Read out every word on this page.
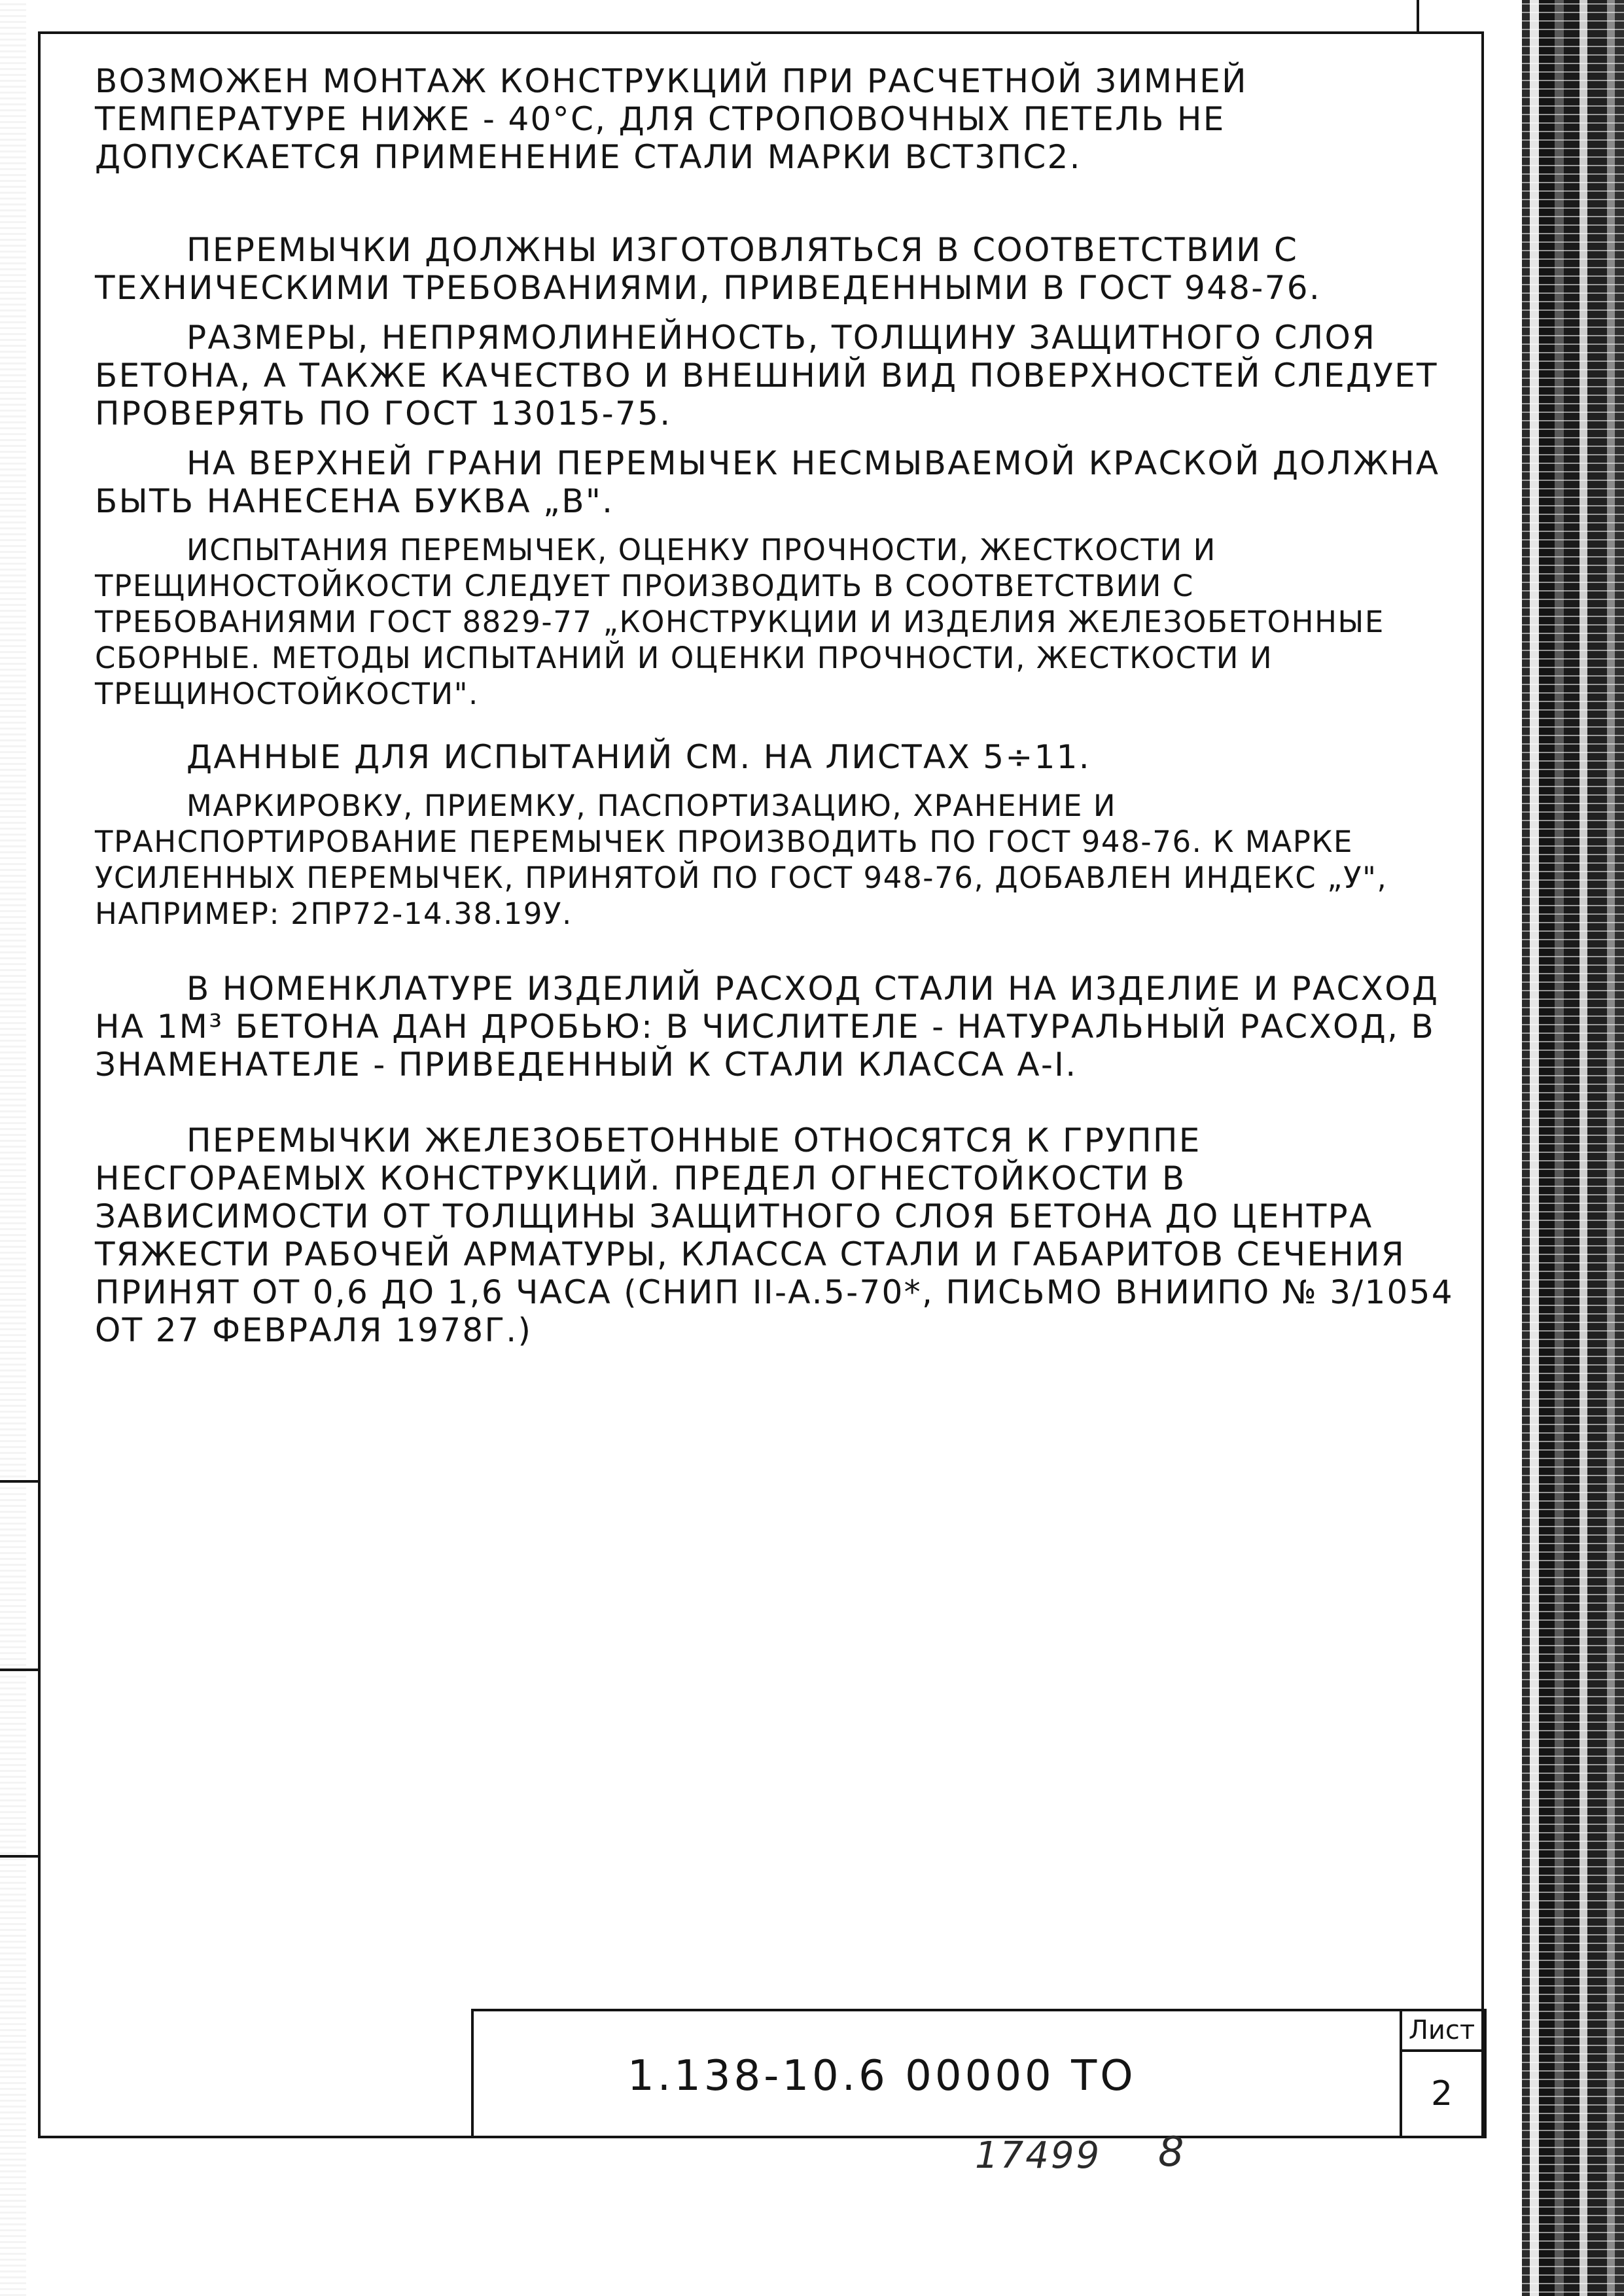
ВОЗМОЖЕН МОНТАЖ КОНСТРУКЦИЙ ПРИ РАСЧЕТНОЙ ЗИМНЕЙ ТЕМПЕРАТУРЕ НИЖЕ - 40°С, ДЛЯ СТРОПОВОЧНЫХ ПЕТЕЛЬ НЕ ДОПУСКАЕТСЯ ПРИМЕНЕНИЕ СТАЛИ МАРКИ ВСТ3ПС2.

ПЕРЕМЫЧКИ ДОЛЖНЫ ИЗГОТОВЛЯТЬСЯ В СООТВЕТСТВИИ С ТЕХНИЧЕСКИМИ ТРЕБОВАНИЯМИ, ПРИВЕДЕННЫМИ В ГОСТ 948-76.

РАЗМЕРЫ, НЕПРЯМОЛИНЕЙНОСТЬ, ТОЛЩИНУ ЗАЩИТНОГО СЛОЯ БЕТОНА, А ТАКЖЕ КАЧЕСТВО И ВНЕШНИЙ ВИД ПОВЕРХНОСТЕЙ СЛЕДУЕТ ПРОВЕРЯТЬ ПО ГОСТ 13015-75.

НА ВЕРХНЕЙ ГРАНИ ПЕРЕМЫЧЕК НЕСМЫВАЕМОЙ КРАСКОЙ ДОЛЖНА БЫТЬ НАНЕСЕНА БУКВА „В".

ИСПЫТАНИЯ ПЕРЕМЫЧЕК, ОЦЕНКУ ПРОЧНОСТИ, ЖЕСТКОСТИ И ТРЕЩИНОСТОЙКОСТИ СЛЕДУЕТ ПРОИЗВОДИТЬ В СООТВЕТСТВИИ С ТРЕБОВАНИЯМИ ГОСТ 8829-77 „КОНСТРУКЦИИ И ИЗДЕЛИЯ ЖЕЛЕЗОБЕТОННЫЕ СБОРНЫЕ. МЕТОДЫ ИСПЫТАНИЙ И ОЦЕНКИ ПРОЧНОСТИ, ЖЕСТКОСТИ И ТРЕЩИНОСТОЙКОСТИ".

ДАННЫЕ ДЛЯ ИСПЫТАНИЙ СМ. НА ЛИСТАХ 5÷11.

МАРКИРОВКУ, ПРИЕМКУ, ПАСПОРТИЗАЦИЮ, ХРАНЕНИЕ И ТРАНСПОРТИРОВАНИЕ ПЕРЕМЫЧЕК ПРОИЗВОДИТЬ ПО ГОСТ 948-76. К МАРКЕ УСИЛЕННЫХ ПЕРЕМЫЧЕК, ПРИНЯТОЙ ПО ГОСТ 948-76, ДОБАВЛЕН ИНДЕКС „У", НАПРИМЕР: 2ПР72-14.38.19У.

В НОМЕНКЛАТУРЕ ИЗДЕЛИЙ РАСХОД СТАЛИ НА ИЗДЕЛИЕ И РАСХОД НА 1М³ БЕТОНА ДАН ДРОБЬЮ: В ЧИСЛИТЕЛЕ - НАТУРАЛЬНЫЙ РАСХОД, В ЗНАМЕНАТЕЛЕ - ПРИВЕДЕННЫЙ К СТАЛИ КЛАССА А-I.

ПЕРЕМЫЧКИ ЖЕЛЕЗОБЕТОННЫЕ ОТНОСЯТСЯ К ГРУППЕ НЕСГОРАЕМЫХ КОНСТРУКЦИЙ. ПРЕДЕЛ ОГНЕСТОЙКОСТИ В ЗАВИСИМОСТИ ОТ ТОЛЩИНЫ ЗАЩИТНОГО СЛОЯ БЕТОНА ДО ЦЕНТРА ТЯЖЕСТИ РАБОЧЕЙ АРМАТУРЫ, КЛАССА СТАЛИ И ГАБАРИТОВ СЕЧЕНИЯ ПРИНЯТ ОТ 0,6 ДО 1,6 ЧАСА (СНИП II-А.5-70*, ПИСЬМО ВНИИПО № 3/1054 ОТ 27 ФЕВРАЛЯ 1978Г.)

1.138-10.6 00000 ТО
Лист
2
17499 8
